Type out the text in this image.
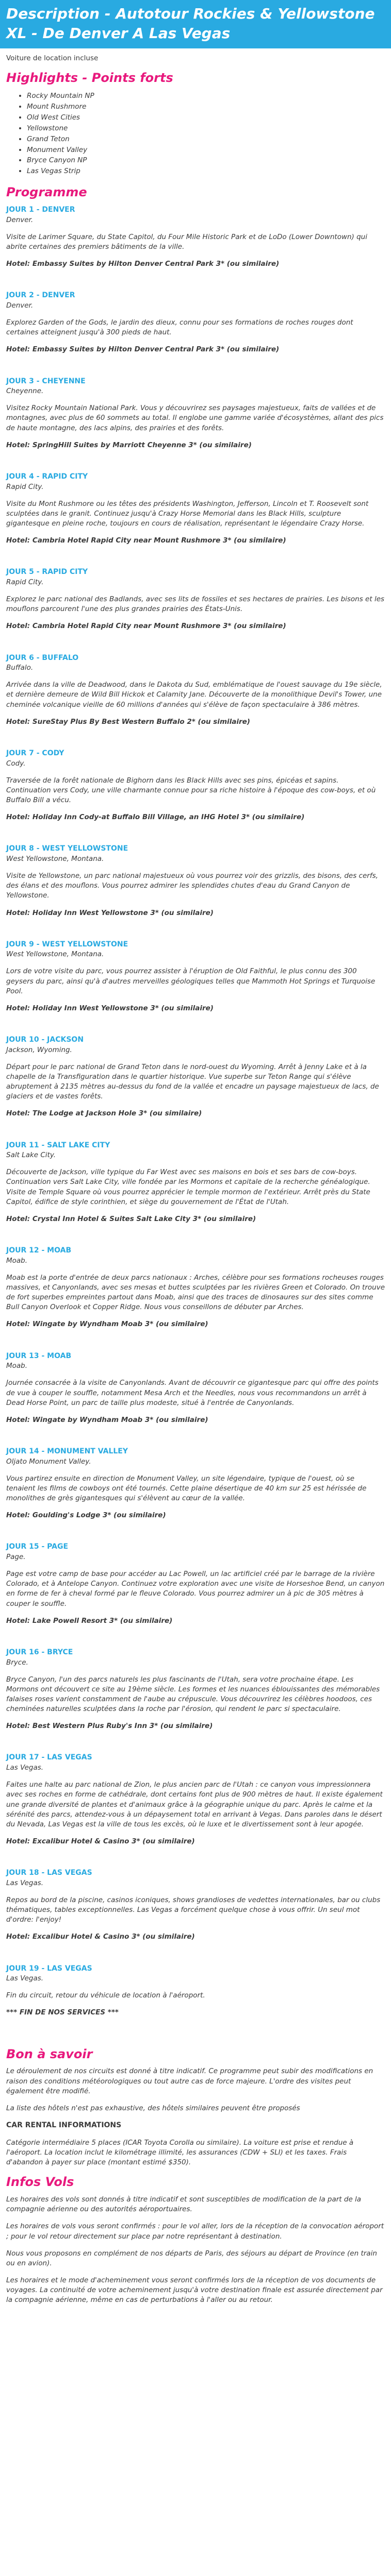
Description - Autotour Rockies & Yellowstone XL - De Denver A Las Vegas

Voiture de location incluse

Highlights - Points forts
• Rocky Mountain NP
• Mount Rushmore
• Old West Cities
• Yellowstone
• Grand Teton
• Monument Valley
• Bryce Canyon NP
• Las Vegas Strip
Programme

JOUR 1 - DENVER

Denver.

Visite de Larimer Square, du State Capitol, du Four Mile Historic Park et de LoDo (Lower Downtown) qui abrite certaines des premiers bâtiments de la ville.

Hotel: Embassy Suites by Hilton Denver Central Park 3* (ou similaire)

JOUR 2 - DENVER

Denver.

Explorez Garden of the Gods, le jardin des dieux, connu pour ses formations de roches rouges dont certaines atteignent jusqu'à 300 pieds de haut.

Hotel: Embassy Suites by Hilton Denver Central Park 3* (ou similaire)

JOUR 3 - CHEYENNE

Cheyenne.

Visitez Rocky Mountain National Park. Vous y découvrirez ses paysages majestueux, faits de vallées et de montagnes, avec plus de 60 sommets au total. Il englobe une gamme variée d'écosystèmes, allant des pics de haute montagne, des lacs alpins, des prairies et des forêts.

Hotel: SpringHill Suites by Marriott Cheyenne 3* (ou similaire)

JOUR 4 - RAPID CITY

Rapid City.

Visite du Mont Rushmore ou les têtes des présidents Washington, Jefferson, Lincoln et T. Roosevelt sont sculptées dans le granit. Continuez jusqu'à Crazy Horse Memorial dans les Black Hills, sculpture gigantesque en pleine roche, toujours en cours de réalisation, représentant le légendaire Crazy Horse.

Hotel: Cambria Hotel Rapid City near Mount Rushmore 3* (ou similaire)

JOUR 5 - RAPID CITY

Rapid City.

Explorez le parc national des Badlands, avec ses lits de fossiles et ses hectares de prairies. Les bisons et les mouflons parcourent l'une des plus grandes prairies des États-Unis.

Hotel: Cambria Hotel Rapid City near Mount Rushmore 3* (ou similaire)

JOUR 6 - BUFFALO

Buffalo.

Arrivée dans la ville de Deadwood, dans le Dakota du Sud, emblématique de l'ouest sauvage du 19e siècle, et dernière demeure de Wild Bill Hickok et Calamity Jane. Découverte de la monolithique Devil's Tower, une cheminée volcanique vieille de 60 millions d'années qui s'élève de façon spectaculaire à 386 mètres.

Hotel: SureStay Plus By Best Western Buffalo 2* (ou similaire)

JOUR 7 - CODY

Cody.

Traversée de la forêt nationale de Bighorn dans les Black Hills avec ses pins, épicéas et sapins. Continuation vers Cody, une ville charmante connue pour sa riche histoire à l'époque des cow-boys, et où Buffalo Bill a vécu.

Hotel: Holiday Inn Cody-at Buffalo Bill Village, an IHG Hotel 3* (ou similaire)

JOUR 8 - WEST YELLOWSTONE

West Yellowstone, Montana.

Visite de Yellowstone, un parc national majestueux où vous pourrez voir des grizzlis, des bisons, des cerfs, des élans et des mouflons. Vous pourrez admirer les splendides chutes d'eau du Grand Canyon de Yellowstone.

Hotel: Holiday Inn West Yellowstone 3* (ou similaire)

JOUR 9 - WEST YELLOWSTONE

West Yellowstone, Montana.

Lors de votre visite du parc, vous pourrez assister à l'éruption de Old Faithful, le plus connu des 300 geysers du parc, ainsi qu'à d'autres merveilles géologiques telles que Mammoth Hot Springs et Turquoise Pool.

Hotel: Holiday Inn West Yellowstone 3* (ou similaire)

JOUR 10 - JACKSON

Jackson, Wyoming.

Départ pour le parc national de Grand Teton dans le nord-ouest du Wyoming. Arrêt à Jenny Lake et à la chapelle de la Transfiguration dans le quartier historique. Vue superbe sur Teton Range qui s'élève abruptement à 2135 mètres au-dessus du fond de la vallée et encadre un paysage majestueux de lacs, de glaciers et de vastes forêts.

Hotel: The Lodge at Jackson Hole 3* (ou similaire)

JOUR 11 - SALT LAKE CITY

Salt Lake City.

Découverte de Jackson, ville typique du Far West avec ses maisons en bois et ses bars de cow-boys. Continuation vers Salt Lake City, ville fondée par les Mormons et capitale de la recherche généalogique. Visite de Temple Square où vous pourrez apprécier le temple mormon de l'extérieur. Arrêt près du State Capitol, édifice de style corinthien, et siège du gouvernement de l'État de l'Utah.

Hotel: Crystal Inn Hotel & Suites Salt Lake City 3* (ou similaire)

JOUR 12 - MOAB

Moab.

Moab est la porte d'entrée de deux parcs nationaux : Arches, célèbre pour ses formations rocheuses rouges massives, et Canyonlands, avec ses mesas et buttes sculptées par les rivières Green et Colorado. On trouve de fort superbes empreintes partout dans Moab, ainsi que des traces de dinosaures sur des sites comme Bull Canyon Overlook et Copper Ridge. Nous vous conseillons de débuter par Arches.

Hotel: Wingate by Wyndham Moab 3* (ou similaire)

JOUR 13 - MOAB

Moab.

Journée consacrée à la visite de Canyonlands. Avant de découvrir ce gigantesque parc qui offre des points de vue à couper le souffle, notamment Mesa Arch et the Needles, nous vous recommandons un arrêt à Dead Horse Point, un parc de taille plus modeste, situé à l'entrée de Canyonlands.

Hotel: Wingate by Wyndham Moab 3* (ou similaire)

JOUR 14 - MONUMENT VALLEY

Oljato Monument Valley.

Vous partirez ensuite en direction de Monument Valley, un site légendaire, typique de l'ouest, où se tenaient les films de cowboys ont été tournés. Cette plaine désertique de 40 km sur 25 est hérissée de monolithes de grès gigantesques qui s'élèvent au cœur de la vallée.

Hotel: Goulding's Lodge 3* (ou similaire)

JOUR 15 - PAGE

Page.

Page est votre camp de base pour accéder au Lac Powell, un lac artificiel créé par le barrage de la rivière Colorado, et à Antelope Canyon. Continuez votre exploration avec une visite de Horseshoe Bend, un canyon en forme de fer à cheval formé par le fleuve Colorado. Vous pourrez admirer un à pic de 305 mètres à couper le souffle.

Hotel: Lake Powell Resort 3* (ou similaire)

JOUR 16 - BRYCE

Bryce.

Bryce Canyon, l'un des parcs naturels les plus fascinants de l'Utah, sera votre prochaine étape. Les Mormons ont découvert ce site au 19ème siècle. Les formes et les nuances éblouissantes des mémorables falaises roses varient constamment de l'aube au crépuscule. Vous découvrirez les célèbres hoodoos, ces cheminées naturelles sculptées dans la roche par l'érosion, qui rendent le parc si spectaculaire.

Hotel: Best Western Plus Ruby's Inn 3* (ou similaire)

JOUR 17 - LAS VEGAS

Las Vegas.

Faites une halte au parc national de Zion, le plus ancien parc de l'Utah : ce canyon vous impressionnera avec ses roches en forme de cathédrale, dont certains font plus de 900 mètres de haut. Il existe également une grande diversité de plantes et d'animaux grâce à la géographie unique du parc. Après le calme et la sérénité des parcs, attendez-vous à un dépaysement total en arrivant à Vegas. Dans paroles dans le désert du Nevada, Las Vegas est la ville de tous les excès, où le luxe et le divertissement sont à leur apogée.

Hotel: Excalibur Hotel & Casino 3* (ou similaire)

JOUR 18 - LAS VEGAS

Las Vegas.

Repos au bord de la piscine, casinos iconiques, shows grandioses de vedettes internationales, bar ou clubs thématiques, tables exceptionnelles. Las Vegas a forcément quelque chose à vous offrir. Un seul mot d'ordre: l'enjoy!

Hotel: Excalibur Hotel & Casino 3* (ou similaire)

JOUR 19 - LAS VEGAS

Las Vegas.

Fin du circuit, retour du véhicule de location à l'aéroport.

*** FIN DE NOS SERVICES ***

Bon à savoir

Le déroulement de nos circuits est donné à titre indicatif. Ce programme peut subir des modifications en raison des conditions météorologiques ou tout autre cas de force majeure. L'ordre des visites peut également être modifié.

La liste des hôtels n'est pas exhaustive, des hôtels similaires peuvent être proposés

CAR RENTAL INFORMATIONS

Catégorie intermédiaire 5 places (ICAR Toyota Corolla ou similaire). La voiture est prise et rendue à l'aéroport. La location inclut le kilométrage illimité, les assurances (CDW + SLI) et les taxes. Frais d'abandon à payer sur place (montant estimé $350).

Infos Vols

Les horaires des vols sont donnés à titre indicatif et sont susceptibles de modification de la part de la compagnie aérienne ou des autorités aéroportuaires.

Les horaires de vols vous seront confirmés : pour le vol aller, lors de la réception de la convocation aéroport ; pour le vol retour directement sur place par notre représentant à destination.

Nous vous proposons en complément de nos départs de Paris, des séjours au départ de Province (en train ou en avion).

Les horaires et le mode d'acheminement vous seront confirmés lors de la réception de vos documents de voyages. La continuité de votre acheminement jusqu'à votre destination finale est assurée directement par la compagnie aérienne, même en cas de perturbations à l'aller ou au retour.
